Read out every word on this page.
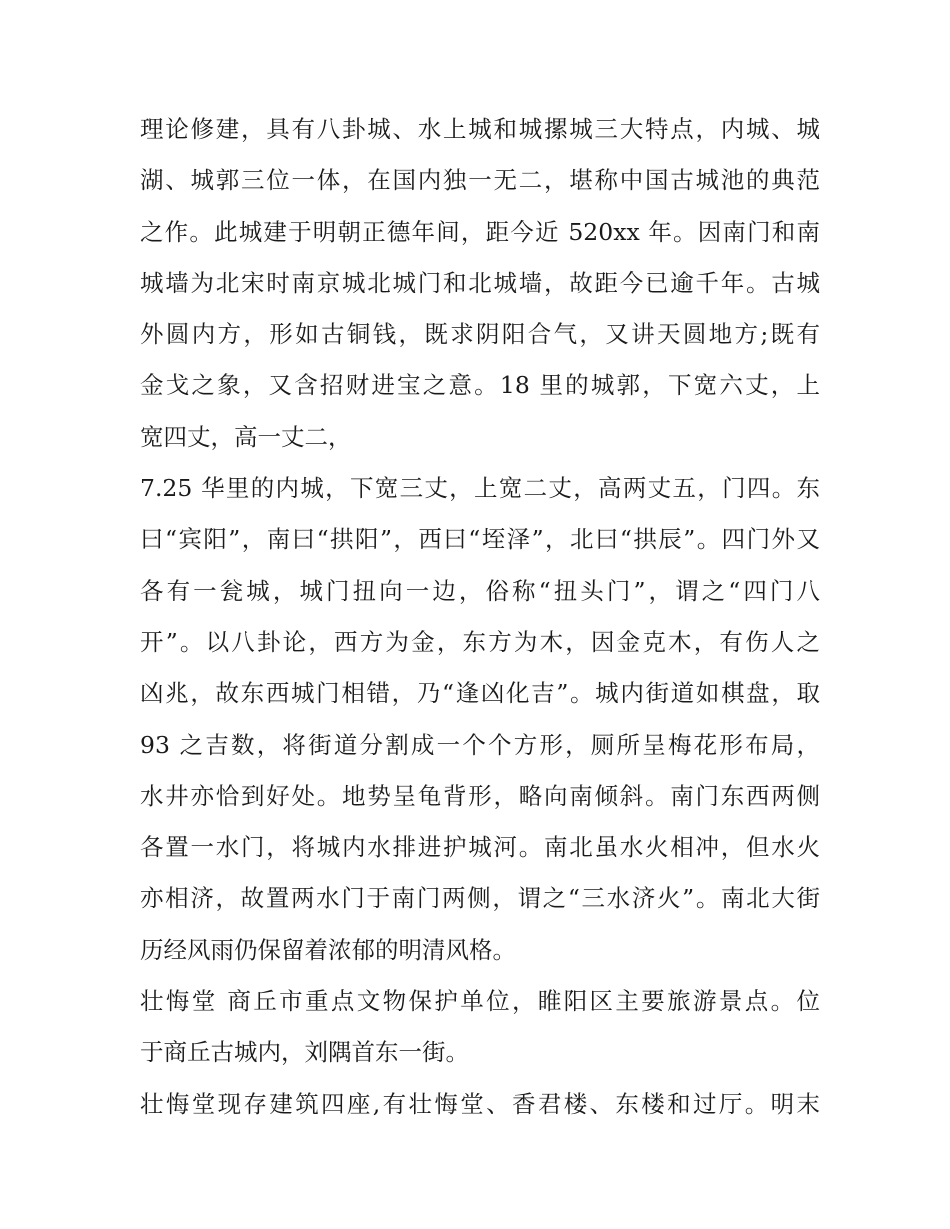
理论修建，具有八卦城、水上城和城摞城三大特点，内城、城
湖、城郭三位一体，在国内独一无二，堪称中国古城池的典范
之作。此城建于明朝正德年间，距今近 520xx 年。因南门和南
城墙为北宋时南京城北城门和北城墙，故距今已逾千年。古城
外圆内方，形如古铜钱，既求阴阳合气，又讲天圆地方;既有
金戈之象，又含招财进宝之意。18 里的城郭，下宽六丈，上
宽四丈，高一丈二，
7.25 华里的内城，下宽三丈，上宽二丈，高两丈五，门四。东
曰“宾阳”，南曰“拱阳”，西曰“垤泽”，北曰“拱辰”。四门外又
各有一瓮城，城门扭向一边，俗称“扭头门”，谓之“四门八
开”。以八卦论，西方为金，东方为木，因金克木，有伤人之
凶兆，故东西城门相错，乃“逢凶化吉”。城内街道如棋盘，取
93 之吉数，将街道分割成一个个方形，厕所呈梅花形布局，
水井亦恰到好处。地势呈龟背形，略向南倾斜。南门东西两侧
各置一水门，将城内水排进护城河。南北虽水火相冲，但水火
亦相济，故置两水门于南门两侧，谓之“三水济火”。南北大街
历经风雨仍保留着浓郁的明清风格。
壮悔堂 商丘市重点文物保护单位，睢阳区主要旅游景点。位
于商丘古城内，刘隅首东一街。
壮悔堂现存建筑四座,有壮悔堂、香君楼、东楼和过厅。明末
